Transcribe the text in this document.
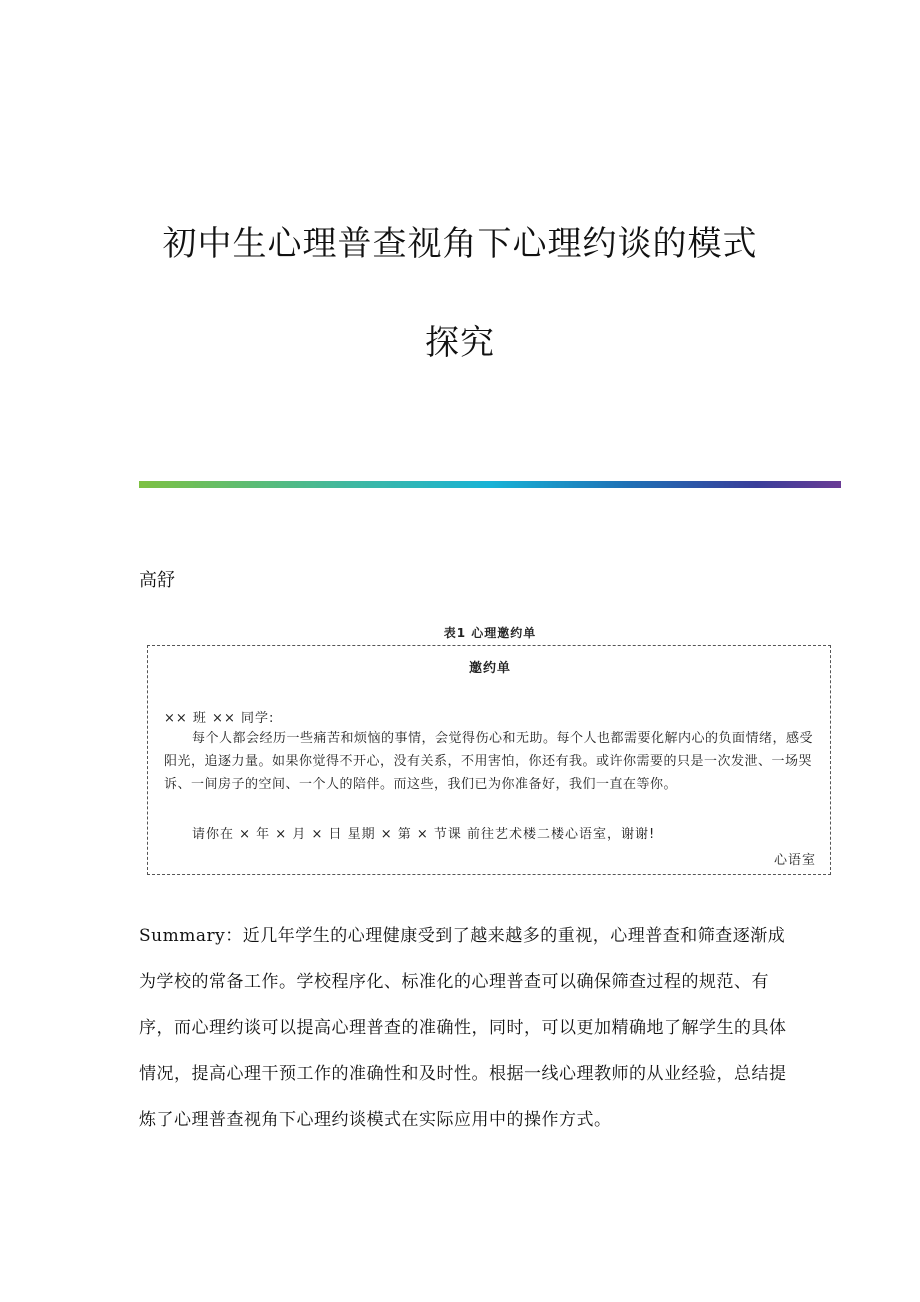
初中生心理普查视角下心理约谈的模式
探究
高舒
表1 心理邀约单
邀约单
×× 班 ×× 同学:
每个人都会经历一些痛苦和烦恼的事情，会觉得伤心和无助。每个人也都需要化解内心的负面情绪，感受阳光，追逐力量。如果你觉得不开心，没有关系，不用害怕，你还有我。或许你需要的只是一次发泄、一场哭诉、一间房子的空间、一个人的陪伴。而这些，我们已为你准备好，我们一直在等你。
请你在 × 年 × 月 × 日 星期 × 第 × 节课 前往艺术楼二楼心语室，谢谢!
心语室
Summary：近几年学生的心理健康受到了越来越多的重视，心理普查和筛查逐渐成为学校的常备工作。学校程序化、标准化的心理普查可以确保筛查过程的规范、有序，而心理约谈可以提高心理普查的准确性，同时，可以更加精确地了解学生的具体情况，提高心理干预工作的准确性和及时性。根据一线心理教师的从业经验，总结提炼了心理普查视角下心理约谈模式在实际应用中的操作方式。
